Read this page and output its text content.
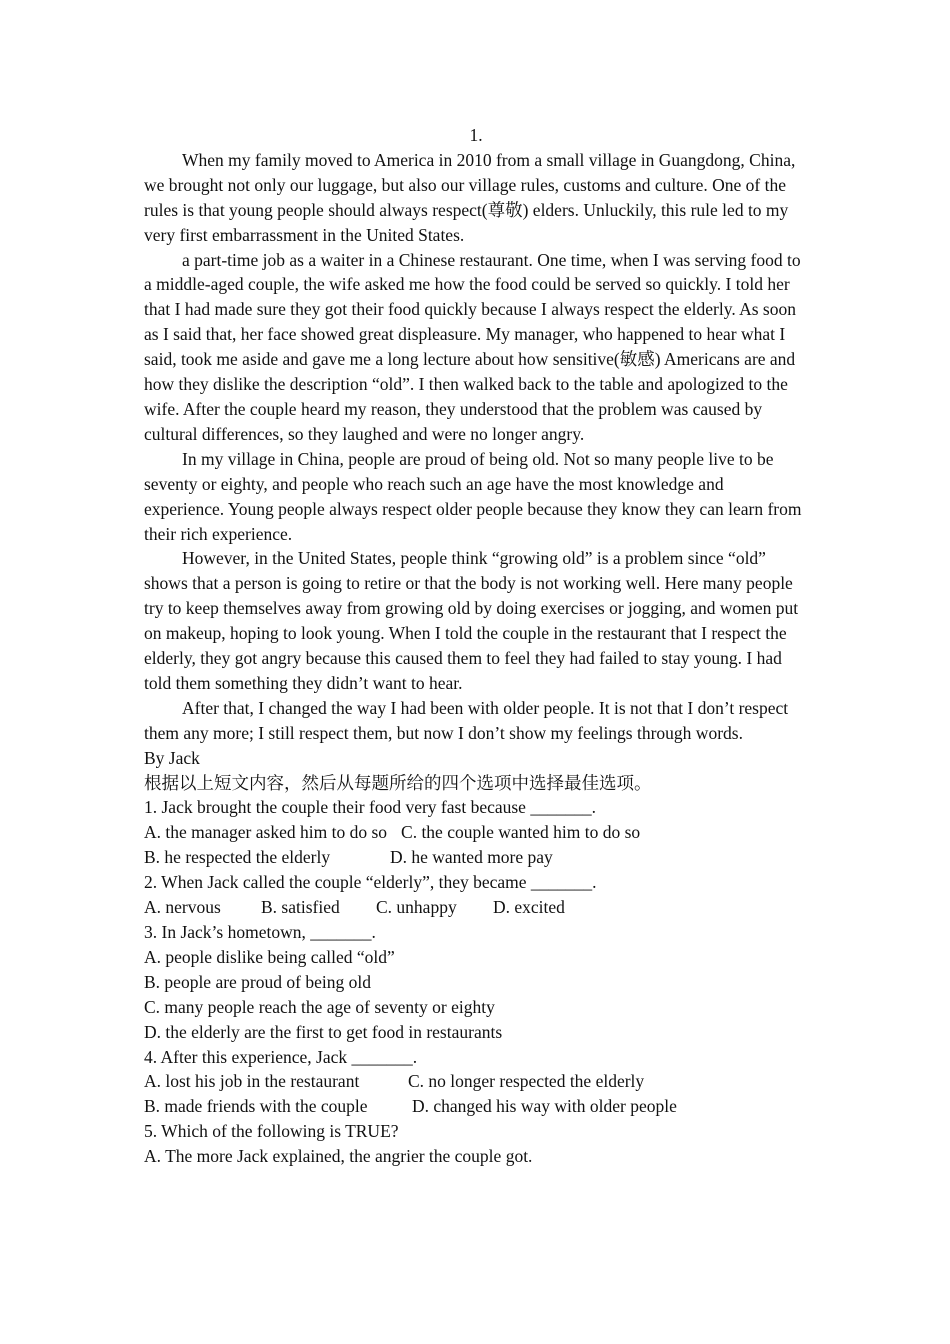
1.

When my family moved to America in 2010 from a small village in Guangdong, China, we brought not only our luggage, but also our village rules, customs and culture. One of the rules is that young people should always respect(尊敬) elders. Unluckily, this rule led to my very first embarrassment in the United States.

a part-time job as a waiter in a Chinese restaurant. One time, when I was serving food to a middle-aged couple, the wife asked me how the food could be served so quickly. I told her that I had made sure they got their food quickly because I always respect the elderly. As soon as I said that, her face showed great displeasure. My manager, who happened to hear what I said, took me aside and gave me a long lecture about how sensitive(敏感) Americans are and how they dislike the description “old”. I then walked back to the table and apologized to the wife. After the couple heard my reason, they understood that the problem was caused by cultural differences, so they laughed and were no longer angry.

In my village in China, people are proud of being old. Not so many people live to be seventy or eighty, and people who reach such an age have the most knowledge and experience. Young people always respect older people because they know they can learn from their rich experience.

However, in the United States, people think “growing old” is a problem since “old” shows that a person is going to retire or that the body is not working well. Here many people try to keep themselves away from growing old by doing exercises or jogging, and women put on makeup, hoping to look young. When I told the couple in the restaurant that I respect the elderly, they got angry because this caused them to feel they had failed to stay young. I had told them something they didn’t want to hear.

After that, I changed the way I had been with older people. It is not that I don’t respect them any more; I still respect them, but now I don’t show my feelings through words.

By Jack

根据以上短文内容，然后从每题所给的四个选项中选择最佳选项。

1. Jack brought the couple their food very fast because _______.

A. the manager asked him to do so C. the couple wanted him to do so

B. he respected the elderly	D. he wanted more pay

2. When Jack called the couple “elderly”, they became _______.

A. nervous B. satisfied C. unhappy D. excited

3. In Jack’s hometown, _______.

A. people dislike being called “old”

B. people are proud of being old

C. many people reach the age of seventy or eighty

D. the elderly are the first to get food in restaurants

4. After this experience, Jack _______.

A. lost his job in the restaurant	C. no longer respected the elderly

B. made friends with the couple	D. changed his way with older people

5. Which of the following is TRUE?

A. The more Jack explained, the angrier the couple got.
